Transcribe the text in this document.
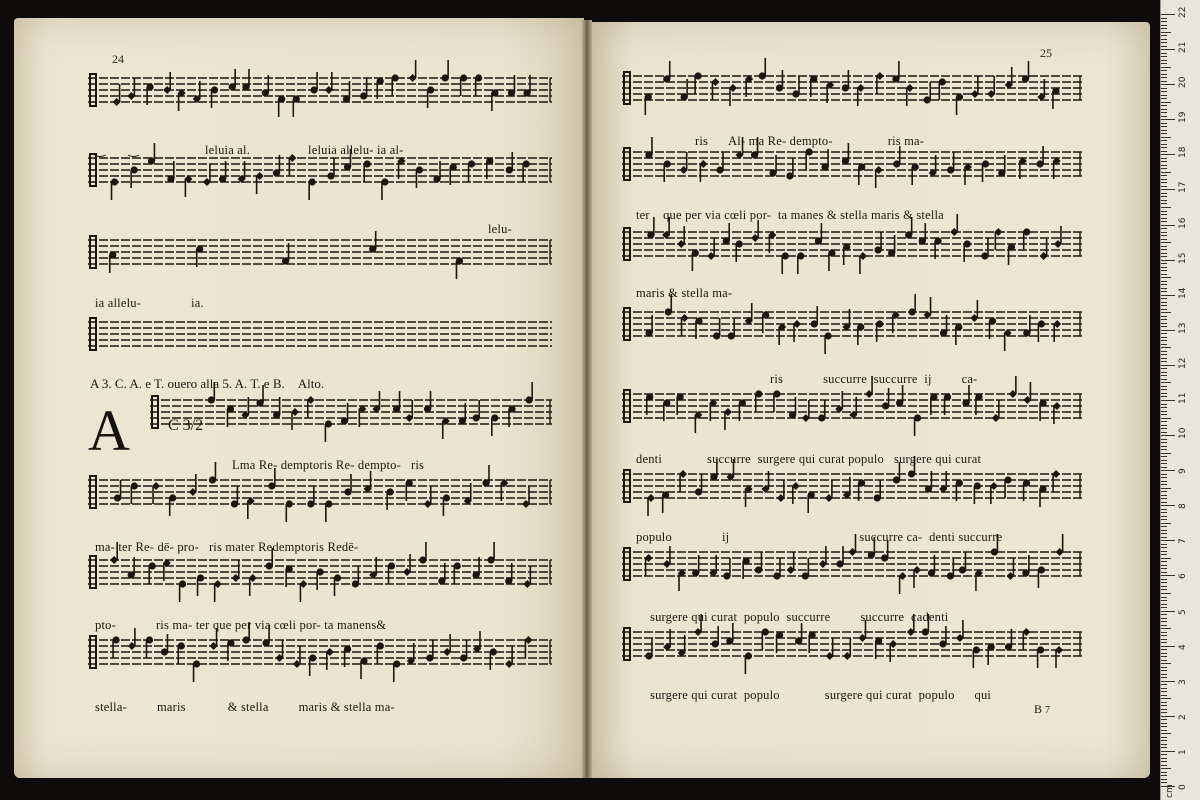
24	25
C 3/2
‿       ‿	leluia al.	leluia allelu- ia al-
lelu-
ia allelu-	ia.
A 3. C. A. e T. ouero alla 5. A. T. e B. Alto.
A
Lma Re- demptoris Re- dempto- ris
ma- ter Re- dē- pro- ris mater Redemptoris Redē-
pto-	ris ma- ter que per via cœli por- ta manens&
stella- maris	& stella maris & stella ma-
ris Al- ma Re- dempto-	ris ma-
ter que per via cœli por- ta manes & stella maris & stella
maris & stella ma-
ris	succurre succurre ij ca-
denti	succurre surgere qui curat populo surgere qui curat
populo	ij	succurre ca- denti succurre
surgere qui curat populo succurre succurre cadenti
surgere qui curat populo	surgere qui curat populo qui
B 7
0
1
2
3
4
5
6
7
8
9
10
11
12
13
14
15
16
17
18
19
20
21
22
cm
